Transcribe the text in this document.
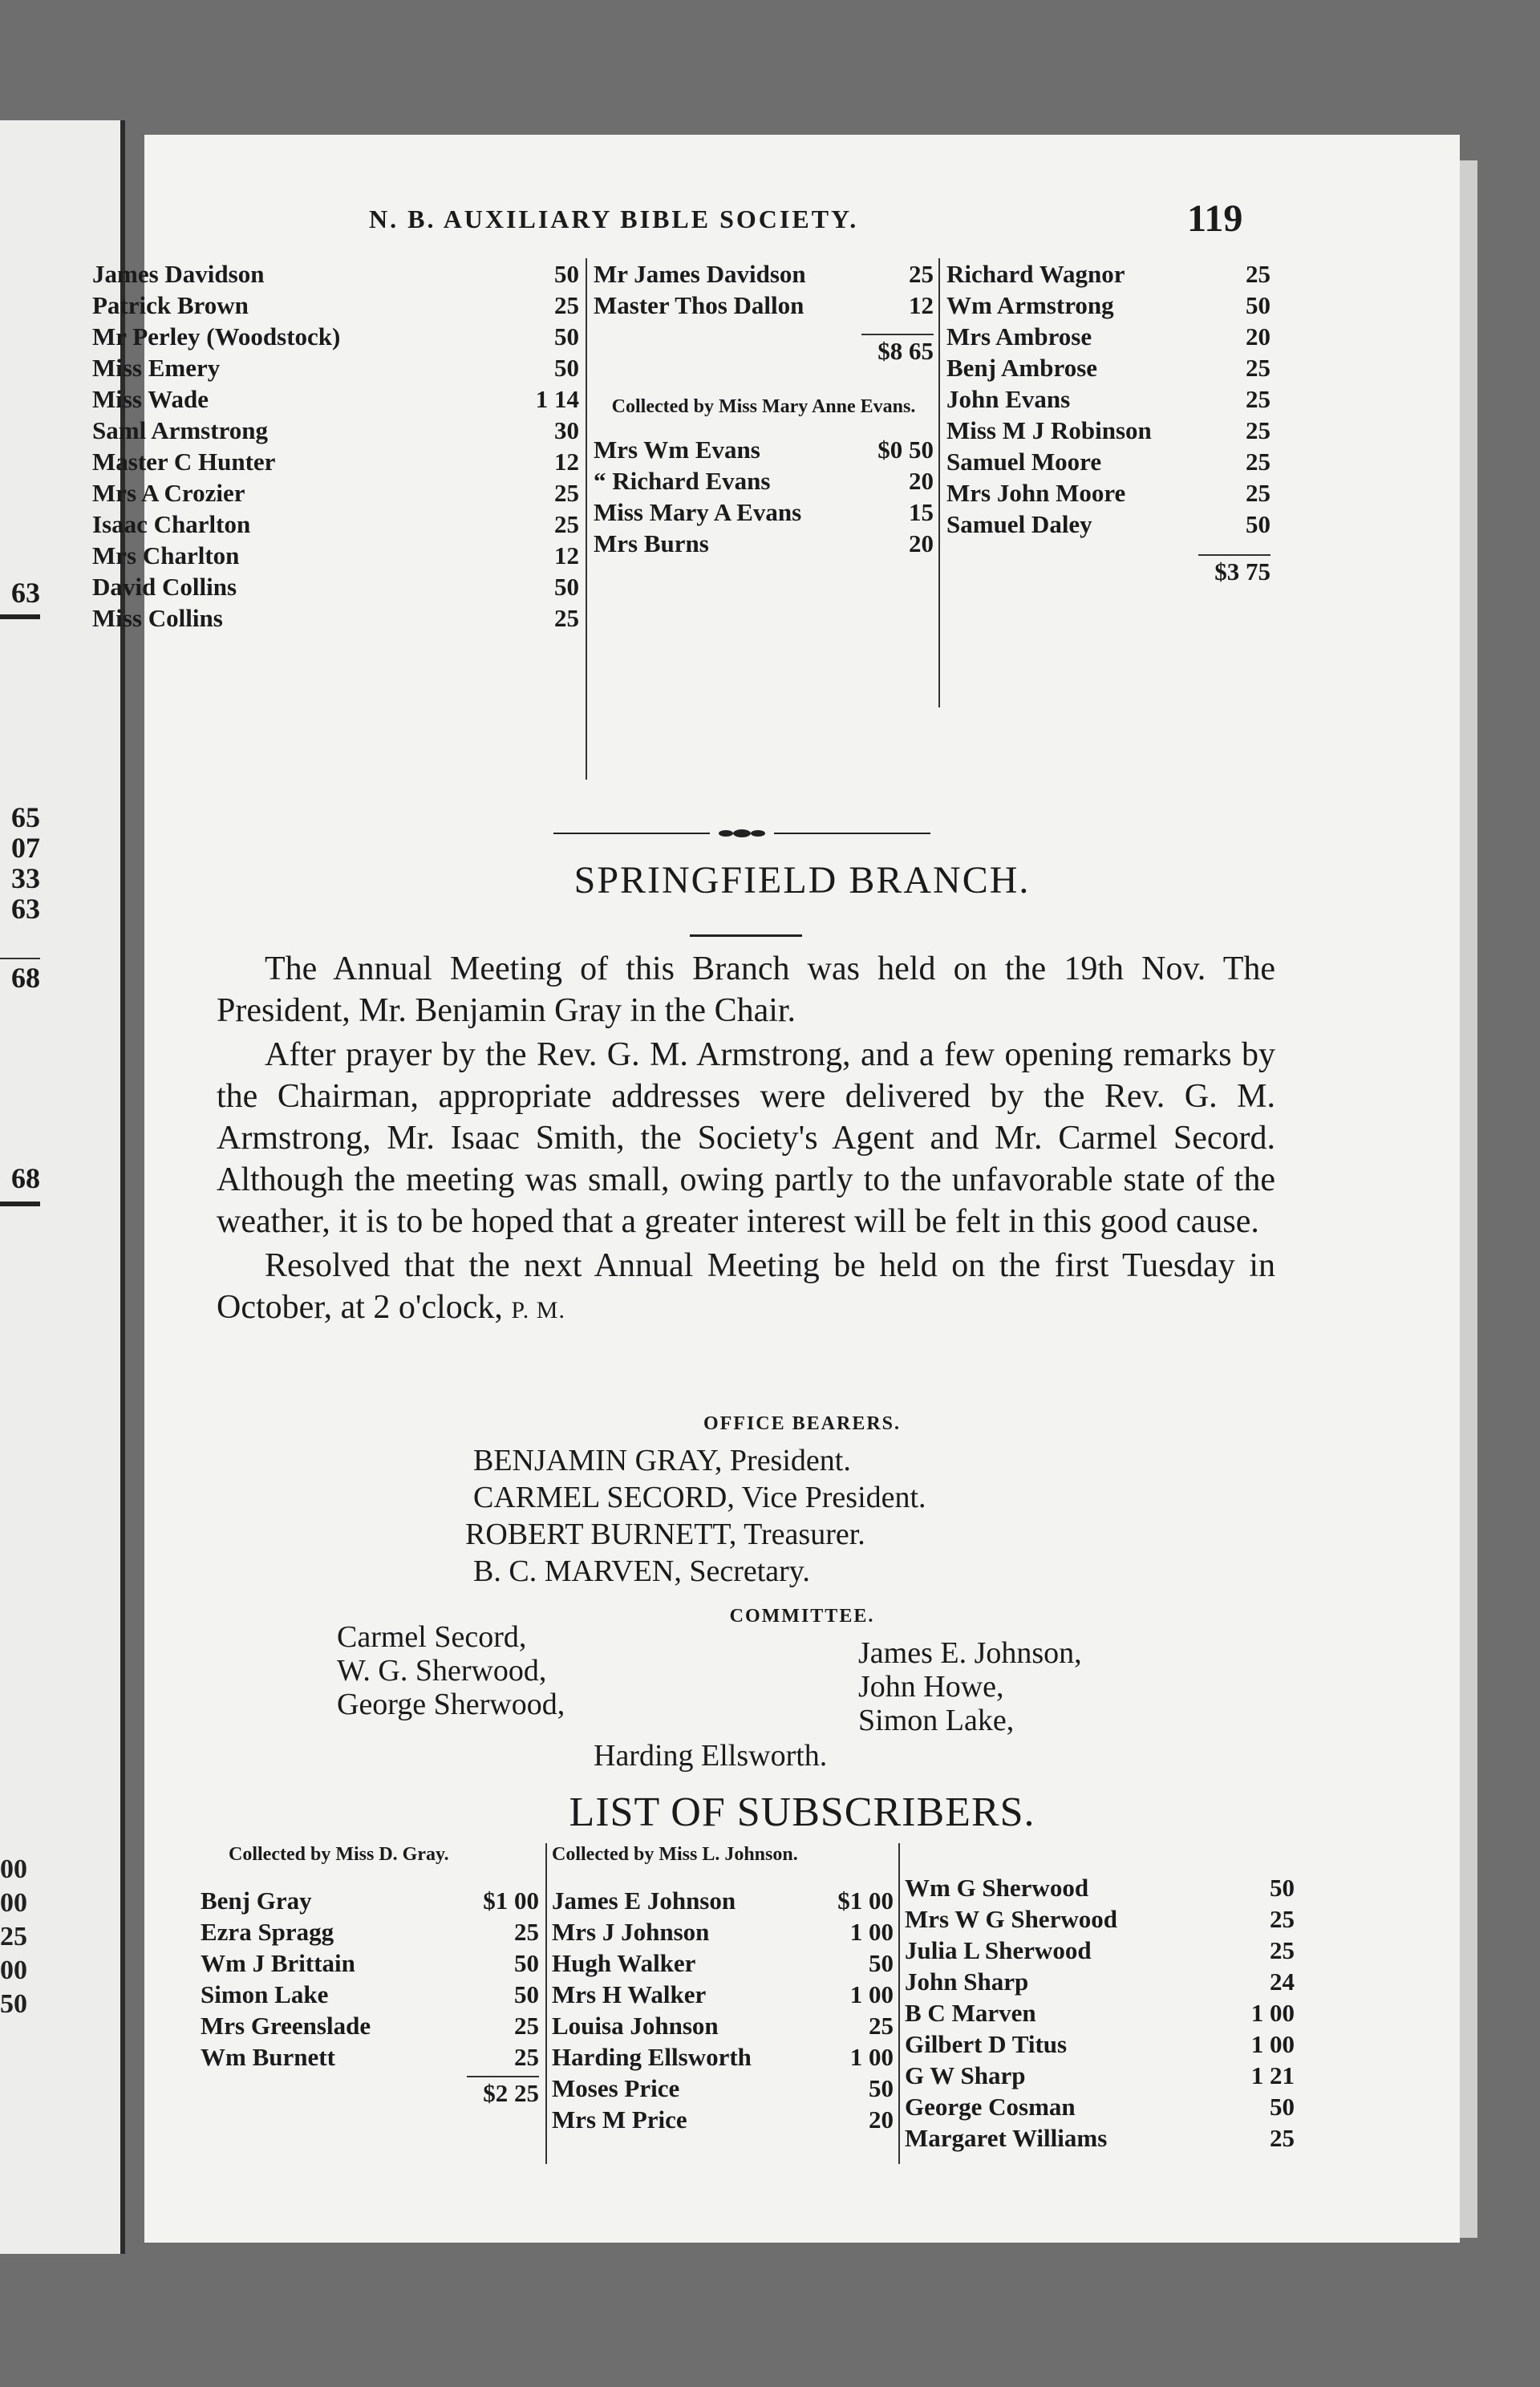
63
65
07
33
63
68
68
00
00
25
00
50
N. B. AUXILIARY BIBLE SOCIETY.	119
James Davidson	50
Patrick Brown	25
Mr Perley (Woodstock)	50
Miss Emery	50
Miss Wade	1 14
Saml Armstrong	30
Master C Hunter	12
Mrs A Crozier	25
Isaac Charlton	25
Mrs Charlton	12
David Collins	50
Miss Collins	25
Mr James Davidson	25
Master Thos Dallon	12
$8 65
Collected by Miss Mary Anne Evans.
Mrs Wm Evans	$0 50
“ Richard Evans	20
Miss Mary A Evans	15
Mrs Burns	20
Richard Wagnor	25
Wm Armstrong	50
Mrs Ambrose	20
Benj Ambrose	25
John Evans	25
Miss M J Robinson	25
Samuel Moore	25
Mrs John Moore	25
Samuel Daley	50
$3 75
SPRINGFIELD BRANCH.

The Annual Meeting of this Branch was held on the 19th Nov. The President, Mr. Benjamin Gray in the Chair.

After prayer by the Rev. G. M. Armstrong, and a few opening remarks by the Chairman, appropriate addresses were delivered by the Rev. G. M. Armstrong, Mr. Isaac Smith, the Society's Agent and Mr. Carmel Secord. Although the meeting was small, owing partly to the unfavorable state of the weather, it is to be hoped that a greater interest will be felt in this good cause.

Resolved that the next Annual Meeting be held on the first Tuesday in October, at 2 o'clock, P. M.

OFFICE BEARERS.
BENJAMIN GRAY, President.
CARMEL SECORD, Vice President.
ROBERT BURNETT, Treasurer.
B. C. MARVEN, Secretary.
COMMITTEE.
Carmel Secord,
W. G. Sherwood,
George Sherwood,
James E. Johnson,
John Howe,
Simon Lake,
Harding Ellsworth.
LIST OF SUBSCRIBERS.
Collected by Miss D. Gray.
Benj Gray	$1 00
Ezra Spragg	25
Wm J Brittain	50
Simon Lake	50
Mrs Greenslade	25
Wm Burnett	25
$2 25
Collected by Miss L. Johnson.
James E Johnson	$1 00
Mrs J Johnson	1 00
Hugh Walker	50
Mrs H Walker	1 00
Louisa Johnson	25
Harding Ellsworth	1 00
Moses Price	50
Mrs M Price	20
Wm G Sherwood	50
Mrs W G Sherwood	25
Julia L Sherwood	25
John Sharp	24
B C Marven	1 00
Gilbert D Titus	1 00
G W Sharp	1 21
George Cosman	50
Margaret Williams	25
